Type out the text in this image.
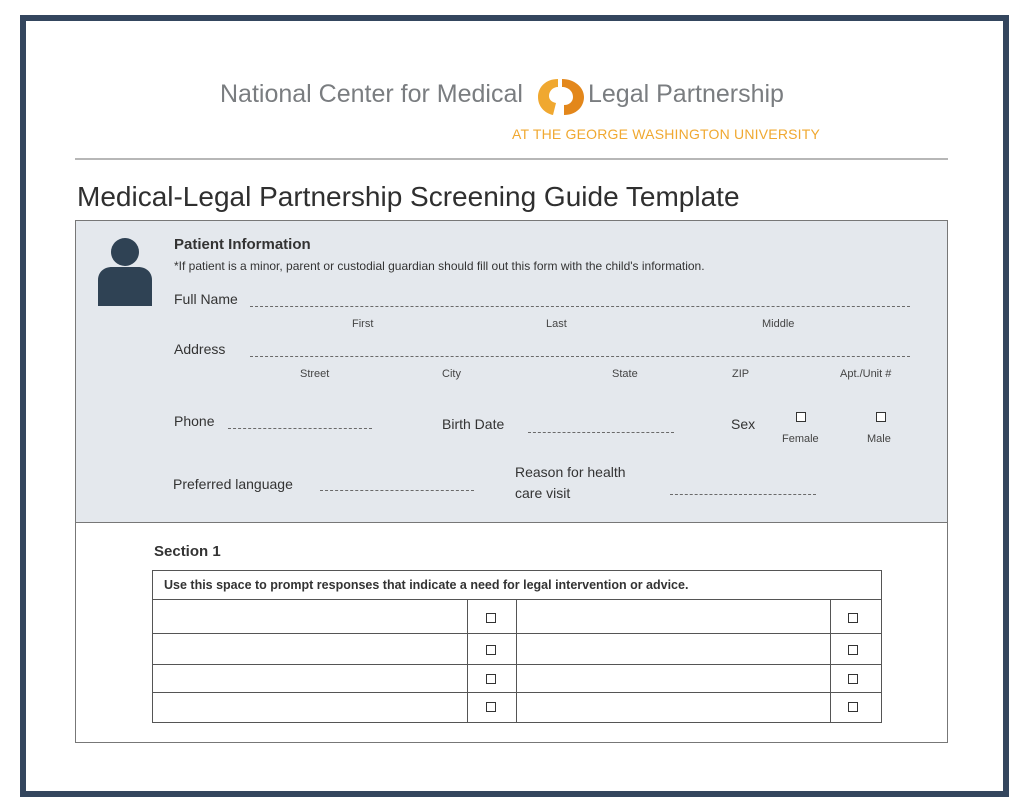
National Center for Medical	Legal Partnership
AT THE GEORGE WASHINGTON UNIVERSITY
Medical-Legal Partnership Screening Guide Template
Patient Information
*If patient is a minor, parent or custodial guardian should fill out this form with the child's information.
Full Name
First	Last	Middle
Address
Street	City	State	ZIP	Apt./Unit #
Phone	Birth Date	Sex
Female	Male
Preferred language
Reason for health
care visit
Section 1
Use this space to prompt responses that indicate a need for legal intervention or advice.
